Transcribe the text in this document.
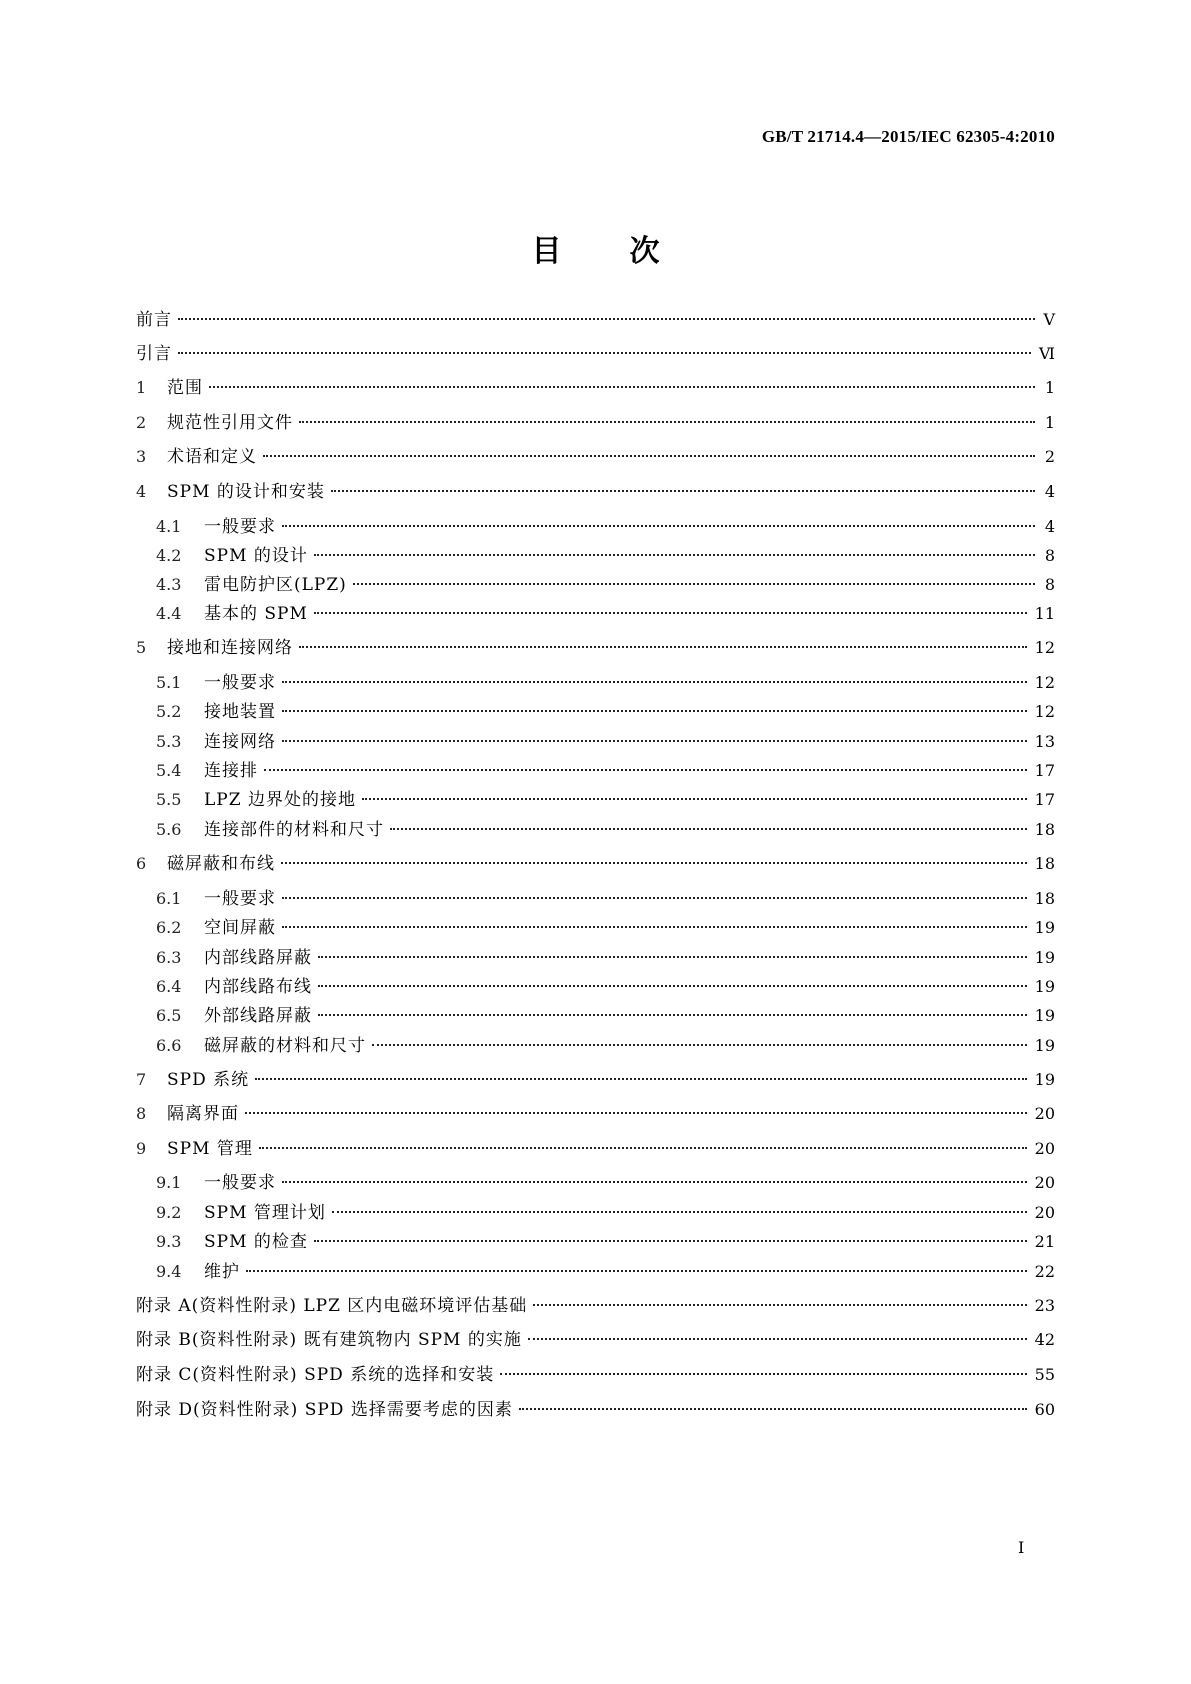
GB/T 21714.4—2015/IEC 62305-4:2010
目 次
前言	Ⅴ
引言	Ⅵ
1	范围	1
2	规范性引用文件	1
3	术语和定义	2
4	SPM 的设计和安装	4
4.1	一般要求	4
4.2	SPM 的设计	8
4.3	雷电防护区(LPZ)	8
4.4	基本的 SPM	11
5	接地和连接网络	12
5.1	一般要求	12
5.2	接地装置	12
5.3	连接网络	13
5.4	连接排	17
5.5	LPZ 边界处的接地	17
5.6	连接部件的材料和尺寸	18
6	磁屏蔽和布线	18
6.1	一般要求	18
6.2	空间屏蔽	19
6.3	内部线路屏蔽	19
6.4	内部线路布线	19
6.5	外部线路屏蔽	19
6.6	磁屏蔽的材料和尺寸	19
7	SPD 系统	19
8	隔离界面	20
9	SPM 管理	20
9.1	一般要求	20
9.2	SPM 管理计划	20
9.3	SPM 的检查	21
9.4	维护	22
附录 A(资料性附录) LPZ 区内电磁环境评估基础	23
附录 B(资料性附录) 既有建筑物内 SPM 的实施	42
附录 C(资料性附录) SPD 系统的选择和安装	55
附录 D(资料性附录) SPD 选择需要考虑的因素	60
I
